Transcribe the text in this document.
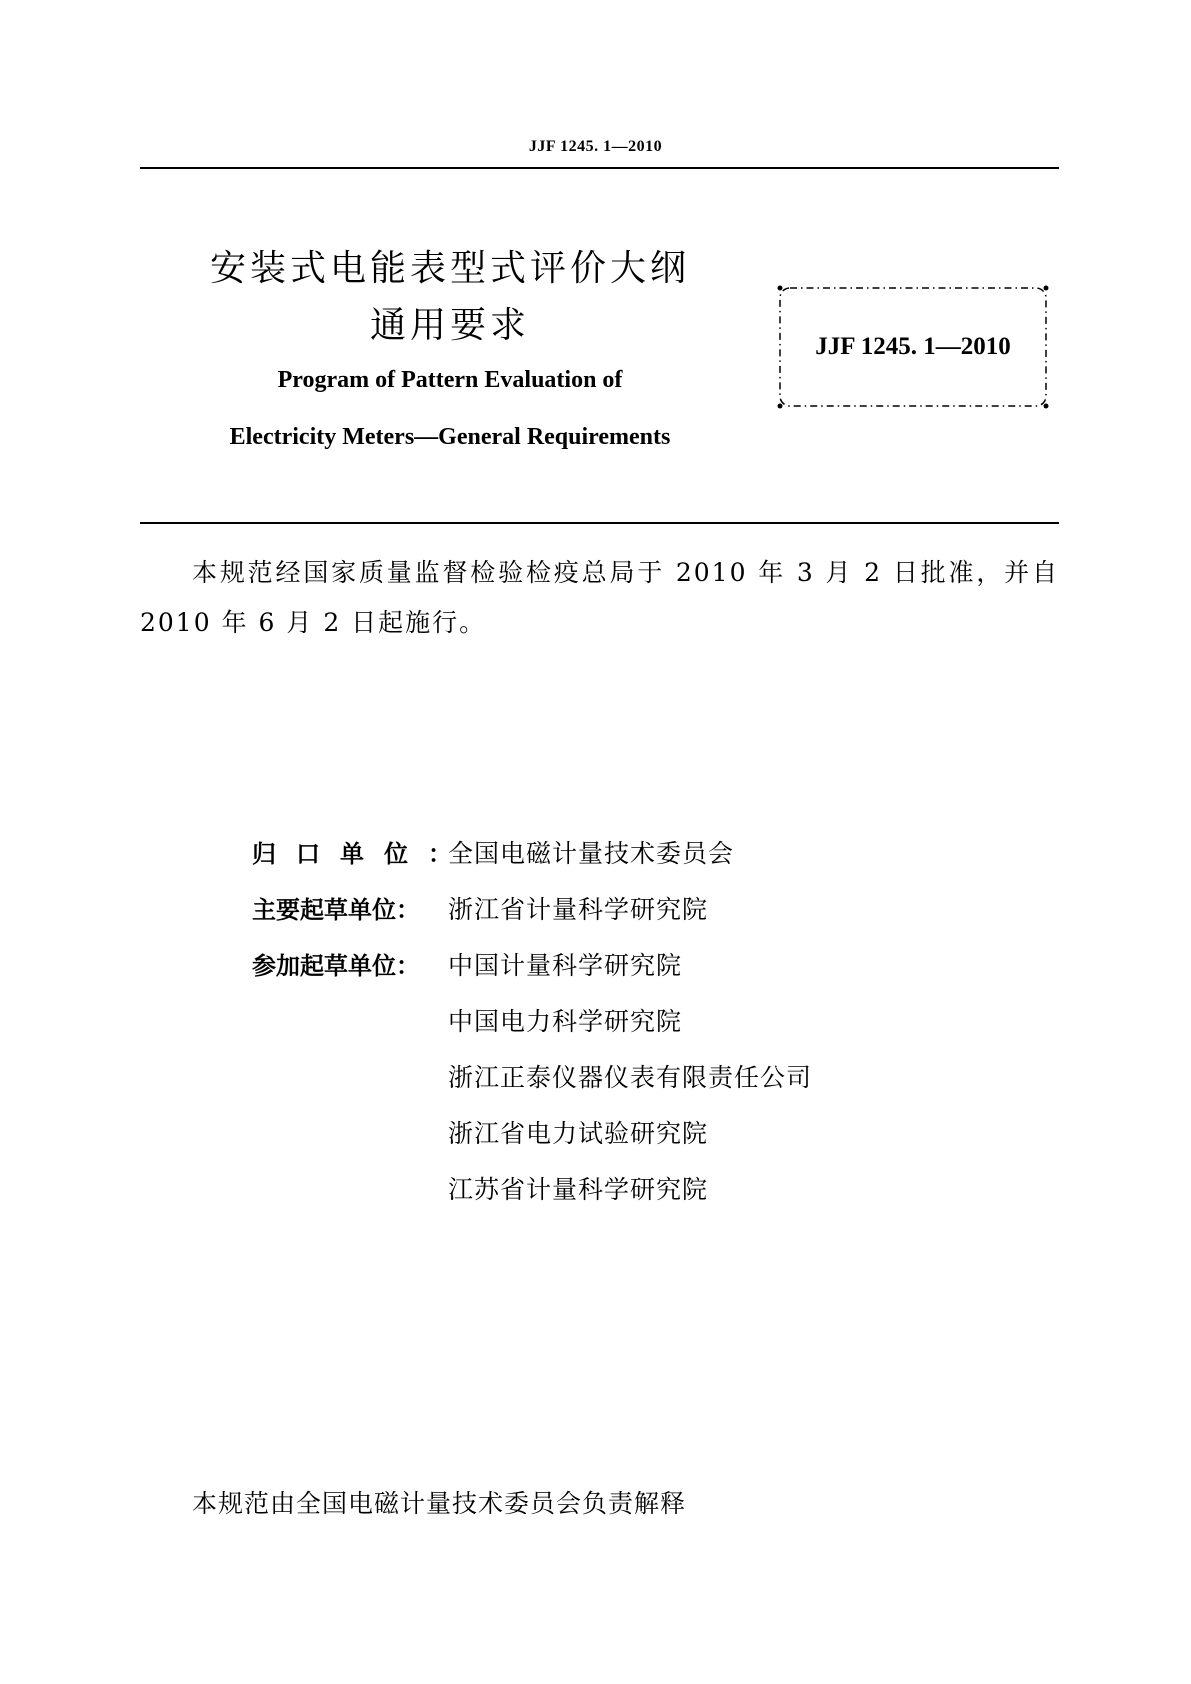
JJF 1245. 1—2010
安装式电能表型式评价大纲
通用要求
Program of Pattern Evaluation of
Electricity Meters—General Requirements
JJF 1245. 1—2010
本规范经国家质量监督检验检疫总局于 2010 年 3 月 2 日批准，并自 2010 年 6 月 2 日起施行。
归 口 单 位 ：
全国电磁计量技术委员会
主要起草单位：	浙江省计量科学研究院
参加起草单位：	中国计量科学研究院
中国电力科学研究院
浙江正泰仪器仪表有限责任公司
浙江省电力试验研究院
江苏省计量科学研究院
本规范由全国电磁计量技术委员会负责解释
